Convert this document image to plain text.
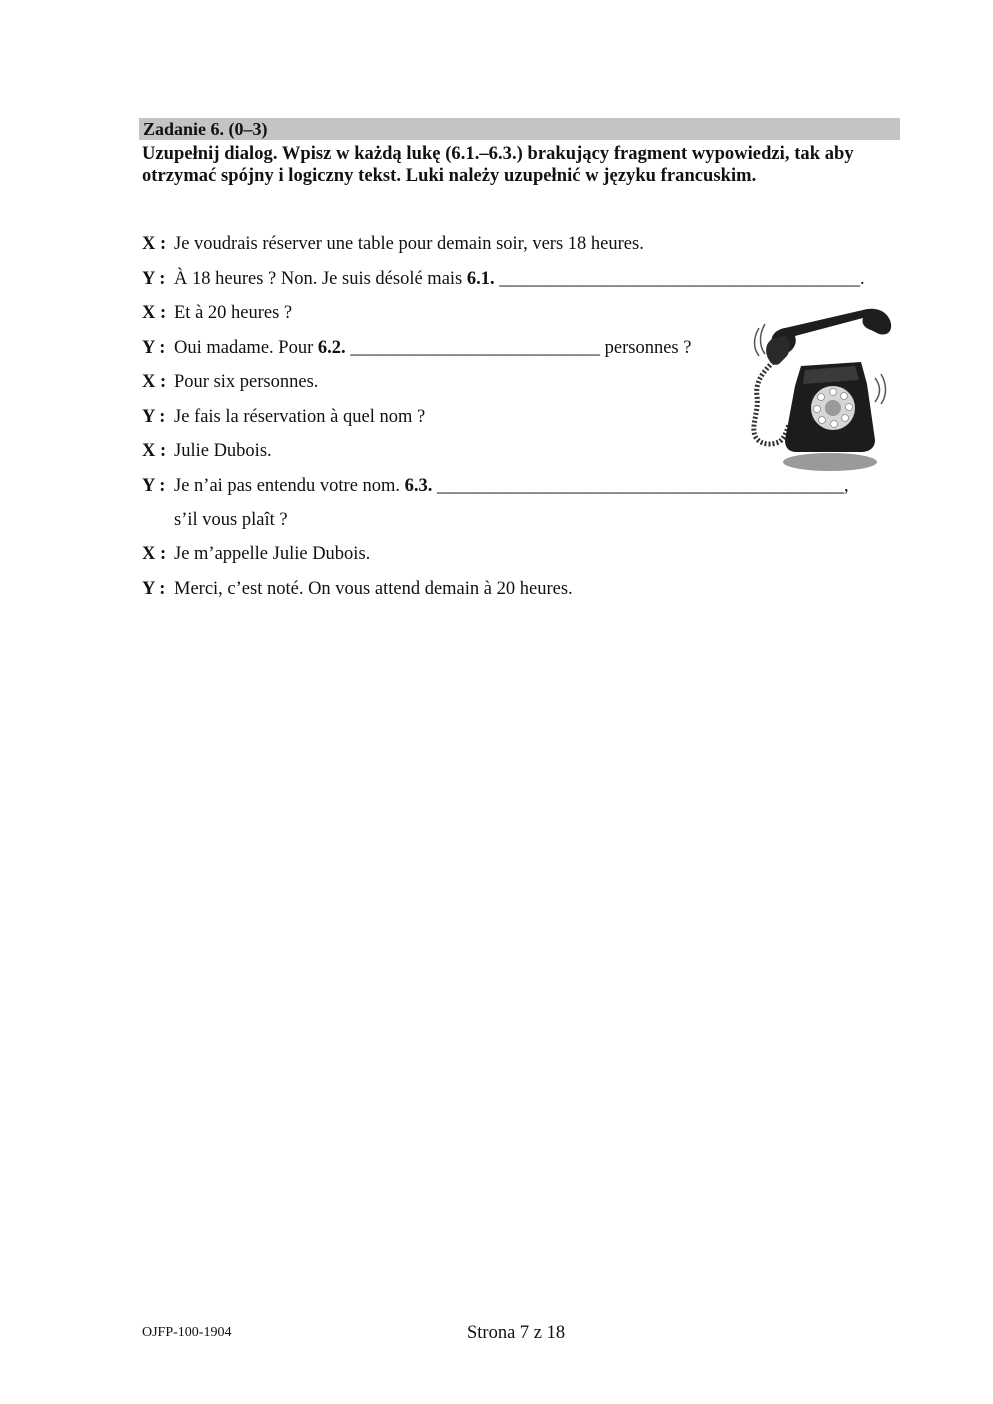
Zadanie 6. (0–3)
Uzupełnij dialog. Wpisz w każdą lukę (6.1.–6.3.) brakujący fragment wypowiedzi, tak aby otrzymać spójny i logiczny tekst. Luki należy uzupełnić w języku francuskim.
X : Je voudrais réserver une table pour demain soir, vers 18 heures.
Y : À 18 heures ? Non. Je suis désolé mais 6.1. _______________________________________.
X : Et à 20 heures ?
Y : Oui madame. Pour 6.2. ___________________________ personnes ?
X : Pour six personnes.
Y : Je fais la réservation à quel nom ?
X : Julie Dubois.
Y : Je n’ai pas entendu votre nom. 6.3. ____________________________________________,
s’il vous plaît ?
X : Je m’appelle Julie Dubois.
Y : Merci, c’est noté. On vous attend demain à 20 heures.
OJFP-100-1904	Strona 7 z 18
